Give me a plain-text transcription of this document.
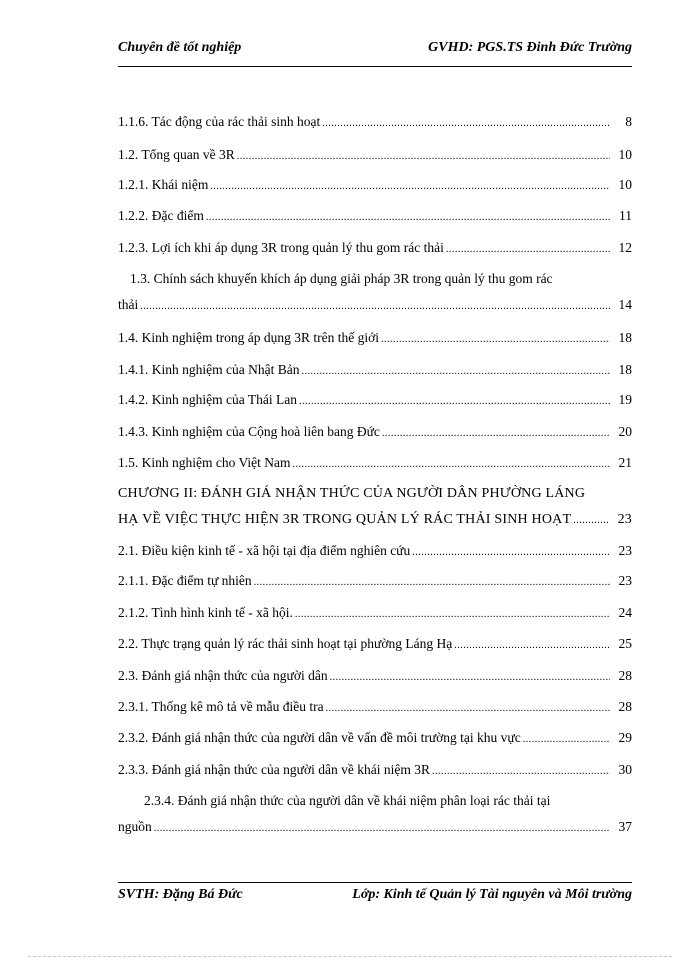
Chuyên đề tốt nghiệp	GVHD: PGS.TS Đinh Đức Trường
1.1.6. Tác động của rác thải sinh hoạt .....	8
1.2. Tổng quan về 3R .....	10
1.2.1. Khái niệm .....	10
1.2.2. Đặc điểm .....	11
1.2.3. Lợi ích khi áp dụng 3R trong quản lý thu gom rác thải .....	12
1.3. Chính sách khuyến khích áp dụng giải pháp 3R trong quản lý thu gom rác
thải .....	14
1.4. Kinh nghiệm trong áp dụng 3R trên thế giới .....	18
1.4.1. Kinh nghiệm của Nhật Bản .....	18
1.4.2. Kinh nghiệm của Thái Lan .....	19
1.4.3. Kinh nghiệm của Cộng hoà liên bang Đức .....	20
1.5. Kinh nghiệm cho Việt Nam .....	21
CHƯƠNG II: ĐÁNH GIÁ NHẬN THỨC CỦA NGƯỜI DÂN PHƯỜNG LÁNG
HẠ VỀ VIỆC THỰC HIỆN 3R TRONG QUẢN LÝ RÁC THẢI SINH HOẠT .....	23
2.1. Điều kiện kinh tế - xã hội tại địa điểm nghiên cứu .....	23
2.1.1. Đặc điểm tự nhiên .....	23
2.1.2. Tình hình kinh tế - xã hội. .....	24
2.2. Thực trạng quản lý rác thải sinh hoạt tại phường Láng Hạ .....	25
2.3. Đánh giá nhận thức của người dân .....	28
2.3.1. Thống kê mô tả về mẫu điều tra .....	28
2.3.2. Đánh giá nhận thức của người dân về vấn đề môi trường tại khu vực .....	29
2.3.3. Đánh giá nhận thức của người dân về khái niệm 3R .....	30
2.3.4. Đánh giá nhận thức của người dân về khái niệm phân loại rác thải tại
nguồn .....	37
SVTH: Đặng Bá Đức	Lớp: Kinh tế Quản lý Tài nguyên và Môi trường
